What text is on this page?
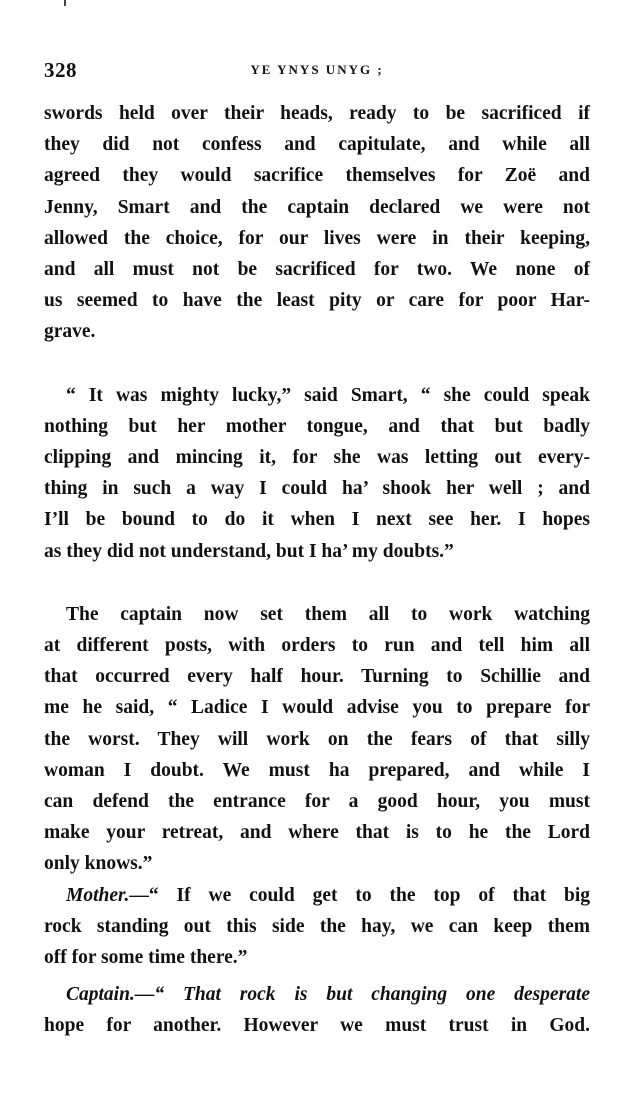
328	YE YNYS UNYG ;
swords held over their heads, ready to be sacrificed if
they did not confess and capitulate, and while all
agreed they would sacrifice themselves for Zoë and
Jenny, Smart and the captain declared we were not
allowed the choice, for our lives were in their keeping,
and all must not be sacrificed for two. We none of
us seemed to have the least pity or care for poor Har-
grave.
“ It was mighty lucky,” said Smart, “ she could speak
nothing but her mother tongue, and that but badly
clipping and mincing it, for she was letting out every-
thing in such a way I could ha’ shook her well ; and
I’ll be bound to do it when I next see her. I hopes
as they did not understand, but I ha’ my doubts.”
The captain now set them all to work watching
at different posts, with orders to run and tell him all
that occurred every half hour. Turning to Schillie and
me he said, “ Ladice I would advise you to prepare for
the worst. They will work on the fears of that silly
woman I doubt. We must ha prepared, and while I
can defend the entrance for a good hour, you must
make your retreat, and where that is to he the Lord
only knows.”
Mother.—“ If we could get to the top of that big
rock standing out this side the hay, we can keep them
off for some time there.”
Captain.—“ That rock is but changing one desperate
hope for another. However we must trust in God.
